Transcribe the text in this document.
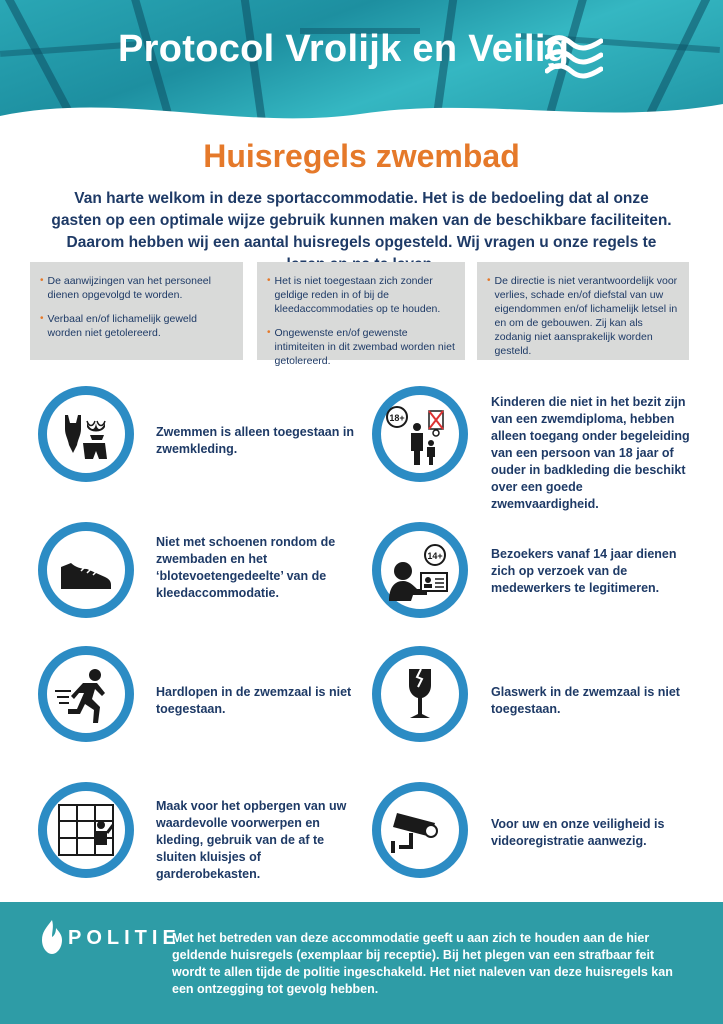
Protocol Vrolijk en Veilig
Huisregels zwembad
Van harte welkom in deze sportaccommodatie. Het is de bedoeling dat al onze gasten op een optimale wijze gebruik kunnen maken van de beschikbare faciliteiten. Daarom hebben wij een aantal huisregels opgesteld. Wij vragen u onze regels te
• De aanwijzingen van het personeel dienen opgevolgd te worden.
• Verbaal en/of lichamelijk geweld worden niet getolereerd.
• Het is niet toegestaan zich zonder geldige reden in of bij de kleedaccommodaties op te houden.
• Ongewenste en/of gewenste intimiteiten in dit zwembad worden niet getolereerd.
• De directie is niet verantwoordelijk voor verlies, schade en/of diefstal van uw eigendommen en/of lichamelijk letsel in en om de gebouwen. Zij kan als zodanig niet aansprakelijk worden gesteld.
Zwemmen is alleen toegestaan in zwemkleding.
18+
Kinderen die niet in het bezit zijn van een zwemdiploma, hebben alleen toegang onder begeleiding van een persoon van 18 jaar of ouder in badkleding die beschikt over een goede zwemvaardigheid.
Niet met schoenen rondom de zwembaden en het ‘blotevoetengedeelte’ van de kleedaccommodatie.
14+	Bezoekers vanaf 14 jaar dienen zich op verzoek van de medewerkers te legitimeren.
Hardlopen in de zwemzaal is niet toegestaan.
Glaswerk in de zwemzaal is niet toegestaan.
Maak voor het opbergen van uw waardevolle voorwerpen en kleding, gebruik van de af te sluiten kluisjes of garderobekasten.
Voor uw en onze veiligheid is videoregistratie aanwezig.
POLITIE
Met het betreden van deze accommodatie geeft u aan zich te houden aan de hier geldende huisregels (exemplaar bij receptie). Bij het plegen van een strafbaar feit wordt te allen tijde de politie ingeschakeld. Het niet naleven van deze huisregels kan een ontzegging tot gevolg hebben.
